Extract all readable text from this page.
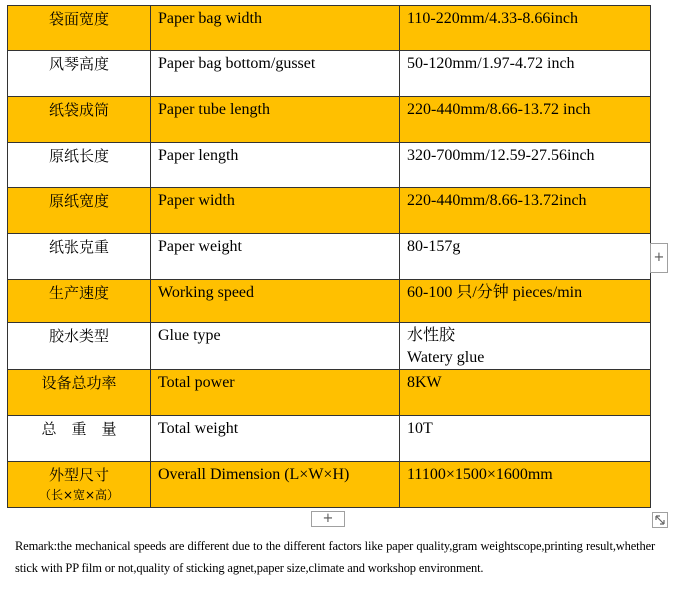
袋面宽度	Paper bag width	110-220mm/4.33-8.66inch
风琴高度	Paper bag bottom/gusset	50-120mm/1.97-4.72 inch
纸袋成筒	Paper tube length	220-440mm/8.66-13.72 inch
原纸长度	Paper length	320-700mm/12.59-27.56inch
原纸宽度	Paper width	220-440mm/8.66-13.72inch
纸张克重	Paper weight	80-157g
生产速度	Working speed	60-100 只/分钟 pieces/min
胶水类型	Glue type	水性胶
Watery glue
设备总功率	Total power	8KW
总　重　量	Total weight	10T
外型尺寸
（长×宽×高）	Overall Dimension (L×W×H)	11100×1500×1600mm
+
+
Remark:the mechanical speeds are different due to the different factors like paper quality,gram weightscope,printing result,whether stick with PP film or not,quality of sticking agnet,paper size,climate and workshop environment.
